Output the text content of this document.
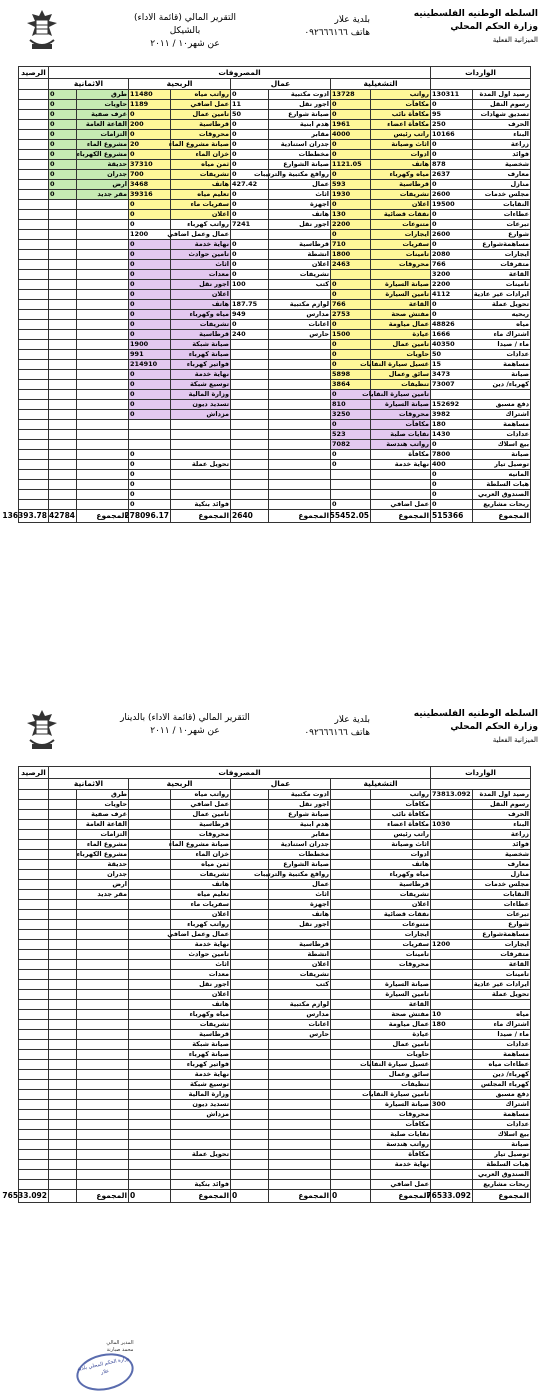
السلطه الوطنيه الفلسطينيه
وزارة الحكم المحلي
الميزانية الفعلية
بلدية علار
هاتف ٠٩٢٦٦٦١٦٦
التقرير المالي (قائمة الاداء) بالشيكل
عن شهر١٠ / ٢٠١١
الواردات		المصروفات								الرصيد
		التشغيلية		عمال		الربحية		الاثمانية		
رصيد اول المدة	130311	رواتب	13728	ادوت مكتبية	0	رواتب مياه	11480	طرق	0	
رسوم النقل	0	مكافآت	0	اجور نقل	11	عمل اضافي	1189	حاويات	0	
تصديق شهادات	95	مكافأة نائب	0	صيانة شوارع	50	تامين عمال	0	غرف صفية	0	
الحرف	250	مكافأة اعضاء	1961	هدم ابنية	0	قرطاسية	200	القاعة العامة	0	
البناء	10166	راتب رئيس	4000	مقابر	0	محروقات	0	التزامات	0	
زراعة	0	اثاث وصيانة	0	جدران استنادية	0	صيانة مشروع الماء	20	مشروع الماء	0	
فوائد	0	ادوات	0	مخططات	0	خزان الماء	0	مشروع الكهرباء	0	
شخصية	878	هاتف	1121.05	صيانة الشوارع	0	ثمن مياه	37310	حديقة	0	
معارف	2637	مياه وكهرباء	0	روافع مكتبية والترتيبات	0	تشريفات	700	جدران	0	
منازل	0	قرطاسية	593	عمال	427.42	هاتف	3468	ارض	0	
مجلس خدمات	2600	تشريفات	1930	اثاث	0	تعليم مياه	39316	مقر جديد	0	
النقابات	19500	اعلان	0	اجهزة	0	سفريات ماء	0			
عطاءات	0	نفقات قضائية	130	هاتف	0	اعلان	0			
تبرعات	0	متنوعات	2200	اجور نقل	7241	رواتب كهرباء	0			
شوارع	2600	ايجارات	0			عمال وعمل اضافي	1200			
مساهمةشوارع	0	سفريات	710	قرطاسية	0	نهاية خدمة	0			
ايجارات	2080	تامينات	1800	انشطة	0	تامين حوادث	0			
متفرقات	766	محروقات	2463	اعلان	0	اثاث	0			
القاعة	3200			تشريفات	0	معدات	0			
تامينات	2200	صيانة السيارة	0	كتب	100	اجور نقل	0			
ايرادات غير عادية	4112	تامين السيارة	0			اعلان	0			
تحويل عملة	0	القاعة	766	لوازم مكتبية	187.75	هاتف	0			
ربحيه	0	مفتش صحة	2753	مدارس	949	مياه وكهرباء	0			
مياه	48826	عمال مياومة	0	اعانات	0	تشريفات	0			
اشتراك ماء	1666	عيادة	1500	حارس	240	قرطاسية	0			
ماء / صيدا	40350	تامين عمال	0			صيانة شبكة	1900			
عدادات	50	حاويات	0			صيانة كهرباء	991			
مساهمة	15	غسيل سيارة النفايات	0			فواتير كهرباء	214910			
صيانة	3473	سائق وعمال	5898			نهاية خدمة	0			
كهرباء/ دين	73007	تنظيفات	3864			توسيع شبكة	0			
		تامين سيارة النفايات	0			وزارة المالية	0			
دفع مسبق	152692	صيانة السيارة	810			تسديد ديون	0			
اشتراك	3982	محروقات	3250			مزداش	0			
مساهمة	180	مكافآت	0							
عدادات	1430	نفايات صلبة	523							
بيع اسلاك	0	رواتب هندسة	7082							
صيانة	7800	مكافآة	0				0			
توصيل تيار	400	نهاية خدمة	0			تحويل عملة	0			
المانيه	0						0			
هبات السلطة	0						0			
الصندوق العربي	0						0			
ربحات مشاريع	0	عمل اضافي	0			فوائد بنكية	0			
المجموع	515366	المجموع	55452.05	المجموع	2640	المجموع	278096.17	المجموع	42784	136393.78
السلطه الوطنيه الفلسطينيه
وزارة الحكم المحلي
الميزانية الفعلية
بلدية علار
هاتف ٠٩٢٦٦٦١٦٦
التقرير المالي (قائمة الاداء) بالدينار
عن شهر١٠ / ٢٠١١
الواردات		المصروفات								الرصيد
		التشغيلية		عمال		الربحية		الاثمانية		
رصيد اول المدة	73813.092	رواتب		ادوت مكتبية		رواتب مياه		طرق		
رسوم النقل		مكافآت		اجور نقل		عمل اضافي		حاويات		
الحرف		مكافأة نائب		صيانة شوارع		تامين عمال		غرف صفية		
البناء	1030	مكافأة اعضاء		هدم ابنية		قرطاسية		القاعة العامة		
زراعة		راتب رئيس		مقابر		محروقات		التزامات		
فوائد		اثاث وصيانة		جدران استنادية		صيانة مشروع الماء		مشروع الماء		
شخصية		ادوات		مخططات		خزان الماء		مشروع الكهرباء		
معارف		هاتف		صيانة الشوارع		ثمن مياه		حديقة		
منازل		مياه وكهرباء		روافع مكتبية والترتيبات		تشريفات		جدران		
مجلس خدمات		قرطاسية		عمال		هاتف		ارض		
النقابات		تشريفات		اثاث		تعليم مياه		مقر جديد		
عطاءات		اعلان		اجهزة		سفريات ماء				
تبرعات		نفقات قضائية		هاتف		اعلان				
شوارع		متنوعات		اجور نقل		رواتب كهرباء				
مساهمةشوارع		ايجارات				عمال وعمل اضافي				
ايجارات	1200	سفريات		قرطاسية		نهاية خدمة				
متفرقات		تامينات		انشطة		تامين حوادث				
القاعة		محروقات		اعلان		اثاث				
تامينات				تشريفات		معدات				
ايرادات غير عادية		صيانة السيارة		كتب		اجور نقل				
تحويل عملة		تامين السيارة				اعلان				
		القاعة		لوازم مكتبية		هاتف				
مياه	10	مفتش صحة		مدارس		مياه وكهرباء				
اشتراك ماء	180	عمال مياومة		اعانات		تشريفات				
ماء / صيدا		عيادة		حارس		قرطاسية				
عدادات		تامين عمال				صيانة شبكة				
مساهمة		حاويات				صيانة كهرباء				
عطاءات مياه		غسيل سيارة النفايات				فواتير كهرباء				
كهرباء/ دين		سائق وعمال				نهاية خدمة				
كهرباء المجلس		تنظيفات				توسيع شبكة				
دفع مسبق		تامين سيارة النفايات				وزارة المالية				
اشتراك	300	صيانة السيارة				تسديد ديون				
مساهمة		محروقات				مزداش				
عدادات		مكافآت								
بيع اسلاك		نفايات صلبة								
صيانة		رواتب هندسة								
توصيل تيار		مكافآة				تحويل عملة				
هبات السلطة		نهاية خدمة								
الصندوق العربي										
ربحات مشاريع		عمل اضافي				فوائد بنكية				
المجموع	76533.092	المجموع	0	المجموع	0	المجموع	0	المجموع		76533.092
المدير المالي
محمد صبارنة
وزارة الحكم المحلي بلدية علار
